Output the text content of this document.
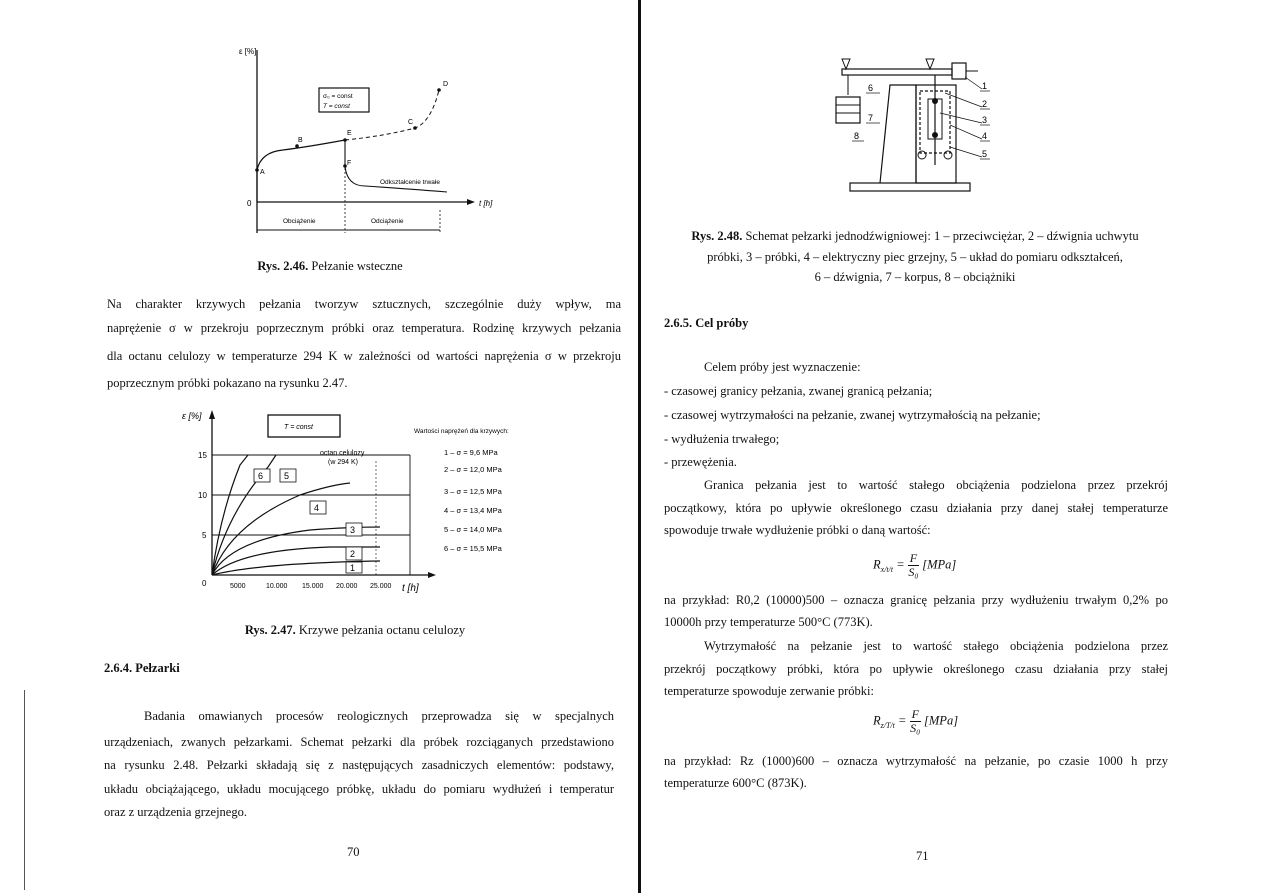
ε [%]
0	t [h]
σ₀ = const
T = const
A
B
E
C
D
F
Odkształcenie trwałe
Obciążenie	Odciążenie
Rys. 2.46. Pełzanie wsteczne
Na charakter krzywych pełzania tworzyw sztucznych, szczególnie duży wpływ, ma
naprężenie σ w przekroju poprzecznym próbki oraz temperatura. Rodzinę krzywych pełzania
dla octanu celulozy w temperaturze 294 K w zależności od wartości naprężenia σ w przekroju
poprzecznym próbki pokazano na rysunku 2.47.
ε [%]
15
10
5
0	5000	10.000 15.000 20.000 25.000 t [h]
T = const
octan celulozy
(w 294 K)
6 5
4
3
2
1
Wartości naprężeń dla krzywych:
1 – σ = 9,6 MPa
2 – σ = 12,0 MPa
3 – σ = 12,5 MPa
4 – σ = 13,4 MPa
5 – σ = 14,0 MPa
6 – σ = 15,5 MPa
Rys. 2.47. Krzywe pełzania octanu celulozy
2.6.4. Pełzarki
Badania omawianych procesów reologicznych przeprowadza się w specjalnych
urządzeniach, zwanych pełzarkami. Schemat pełzarki dla próbek rozciąganych przedstawiono
na rysunku 2.48. Pełzarki składają się z następujących zasadniczych elementów: podstawy,
układu obciążającego, układu mocującego próbkę, układu do pomiaru wydłużeń i temperatur
oraz z urządzenia grzejnego.
70
1
2
3
4
5
6
7
8
Rys. 2.48. Schemat pełzarki jednodźwigniowej: 1 – przeciwciężar, 2 – dźwignia uchwytu
próbki, 3 – próbki, 4 – elektryczny piec grzejny, 5 – układ do pomiaru odkształceń,
6 – dźwignia, 7 – korpus, 8 – obciążniki
2.6.5. Cel próby
Celem próby jest wyznaczenie:
- czasowej granicy pełzania, zwanej granicą pełzania;
- czasowej wytrzymałości na pełzanie, zwanej wytrzymałością na pełzanie;
- wydłużenia trwałego;
- przewężenia.
Granica pełzania jest to wartość stałego obciążenia podzielona przez przekrój
początkowy, która po upływie określonego czasu działania przy danej stałej temperaturze
spowoduje trwałe wydłużenie próbki o daną wartość:
$R_{x/t/t} = \frac{F}{\text{S₀}} [MPa]$
na przykład: R0,2 (10000)500 – oznacza granicę pełzania przy wydłużeniu trwałym 0,2% po
10000h przy temperaturze 500°C (773K).
Wytrzymałość na pełzanie jest to wartość stałego obciążenia podzielona przez
przekrój początkowy próbki, która po upływie określonego czasu działania przy stałej
temperaturze spowoduje zerwanie próbki:
$R_{z/T/t} = \frac{F}{\text{S₀}} [MPa]$
na przykład: Rz (1000)600 – oznacza wytrzymałość na pełzanie, po czasie 1000 h przy
temperaturze 600°C (873K).
71
